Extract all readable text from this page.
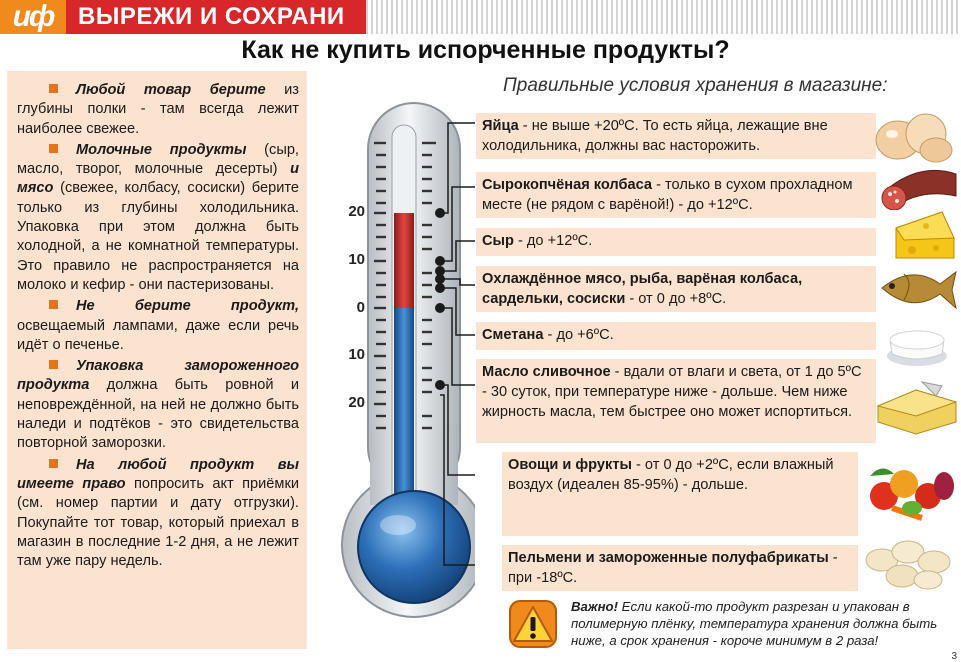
иф ВЫРЕЖИ И СОХРАНИ
Как не купить испорченные продукты?
Правильные условия хранения в магазине:

Любой товар берите из глубины полки - там всегда лежит наиболее свежее.

Молочные продукты (сыр, масло, творог, молочные десерты) и мясо (свежее, колбасу, сосиски) берите только из глубины холодильника. Упаковка при этом должна быть холодной, а не комнатной температуры. Это правило не распространяется на молоко и кефир - они пастеризованы.

Не берите продукт, освещаемый лампами, даже если речь идёт о печенье.

Упаковка замороженного продукта должна быть ровной и неповреждённой, на ней не должно быть наледи и подтёков - это свидетельства повторной заморозки.

На любой продукт вы имеете право попросить акт приёмки (см. номер партии и дату отгрузки). Покупайте тот товар, который приехал в магазин в последние 1-2 дня, а не лежит там уже пару недель.

20
10
0
10
20
Яйца - не выше +20ºС. То есть яйца, лежащие вне холодильника, должны вас насторожить.
Сырокопчёная колбаса - только в сухом прохладном месте (не рядом с варёной!) - до +12ºС.
Сыр - до +12ºС.
Охлаждённое мясо, рыба, варёная колбаса, сардельки, сосиски - от 0 до +8ºС.
Сметана - до +6ºС.
Масло сливочное - вдали от влаги и света, от 1 до 5ºС - 30 суток, при температуре ниже - дольше. Чем ниже жирность масла, тем быстрее оно может испортиться.
Овощи и фрукты - от 0 до +2ºС, если влажный воздух (идеален 85-95%) - дольше.
Пельмени и замороженные полуфабрикаты - при -18ºС.
Важно! Если какой-то продукт разрезан и упакован в полимерную плёнку, температура хранения должна быть ниже, а срок хранения - короче минимум в 2 раза!
3
